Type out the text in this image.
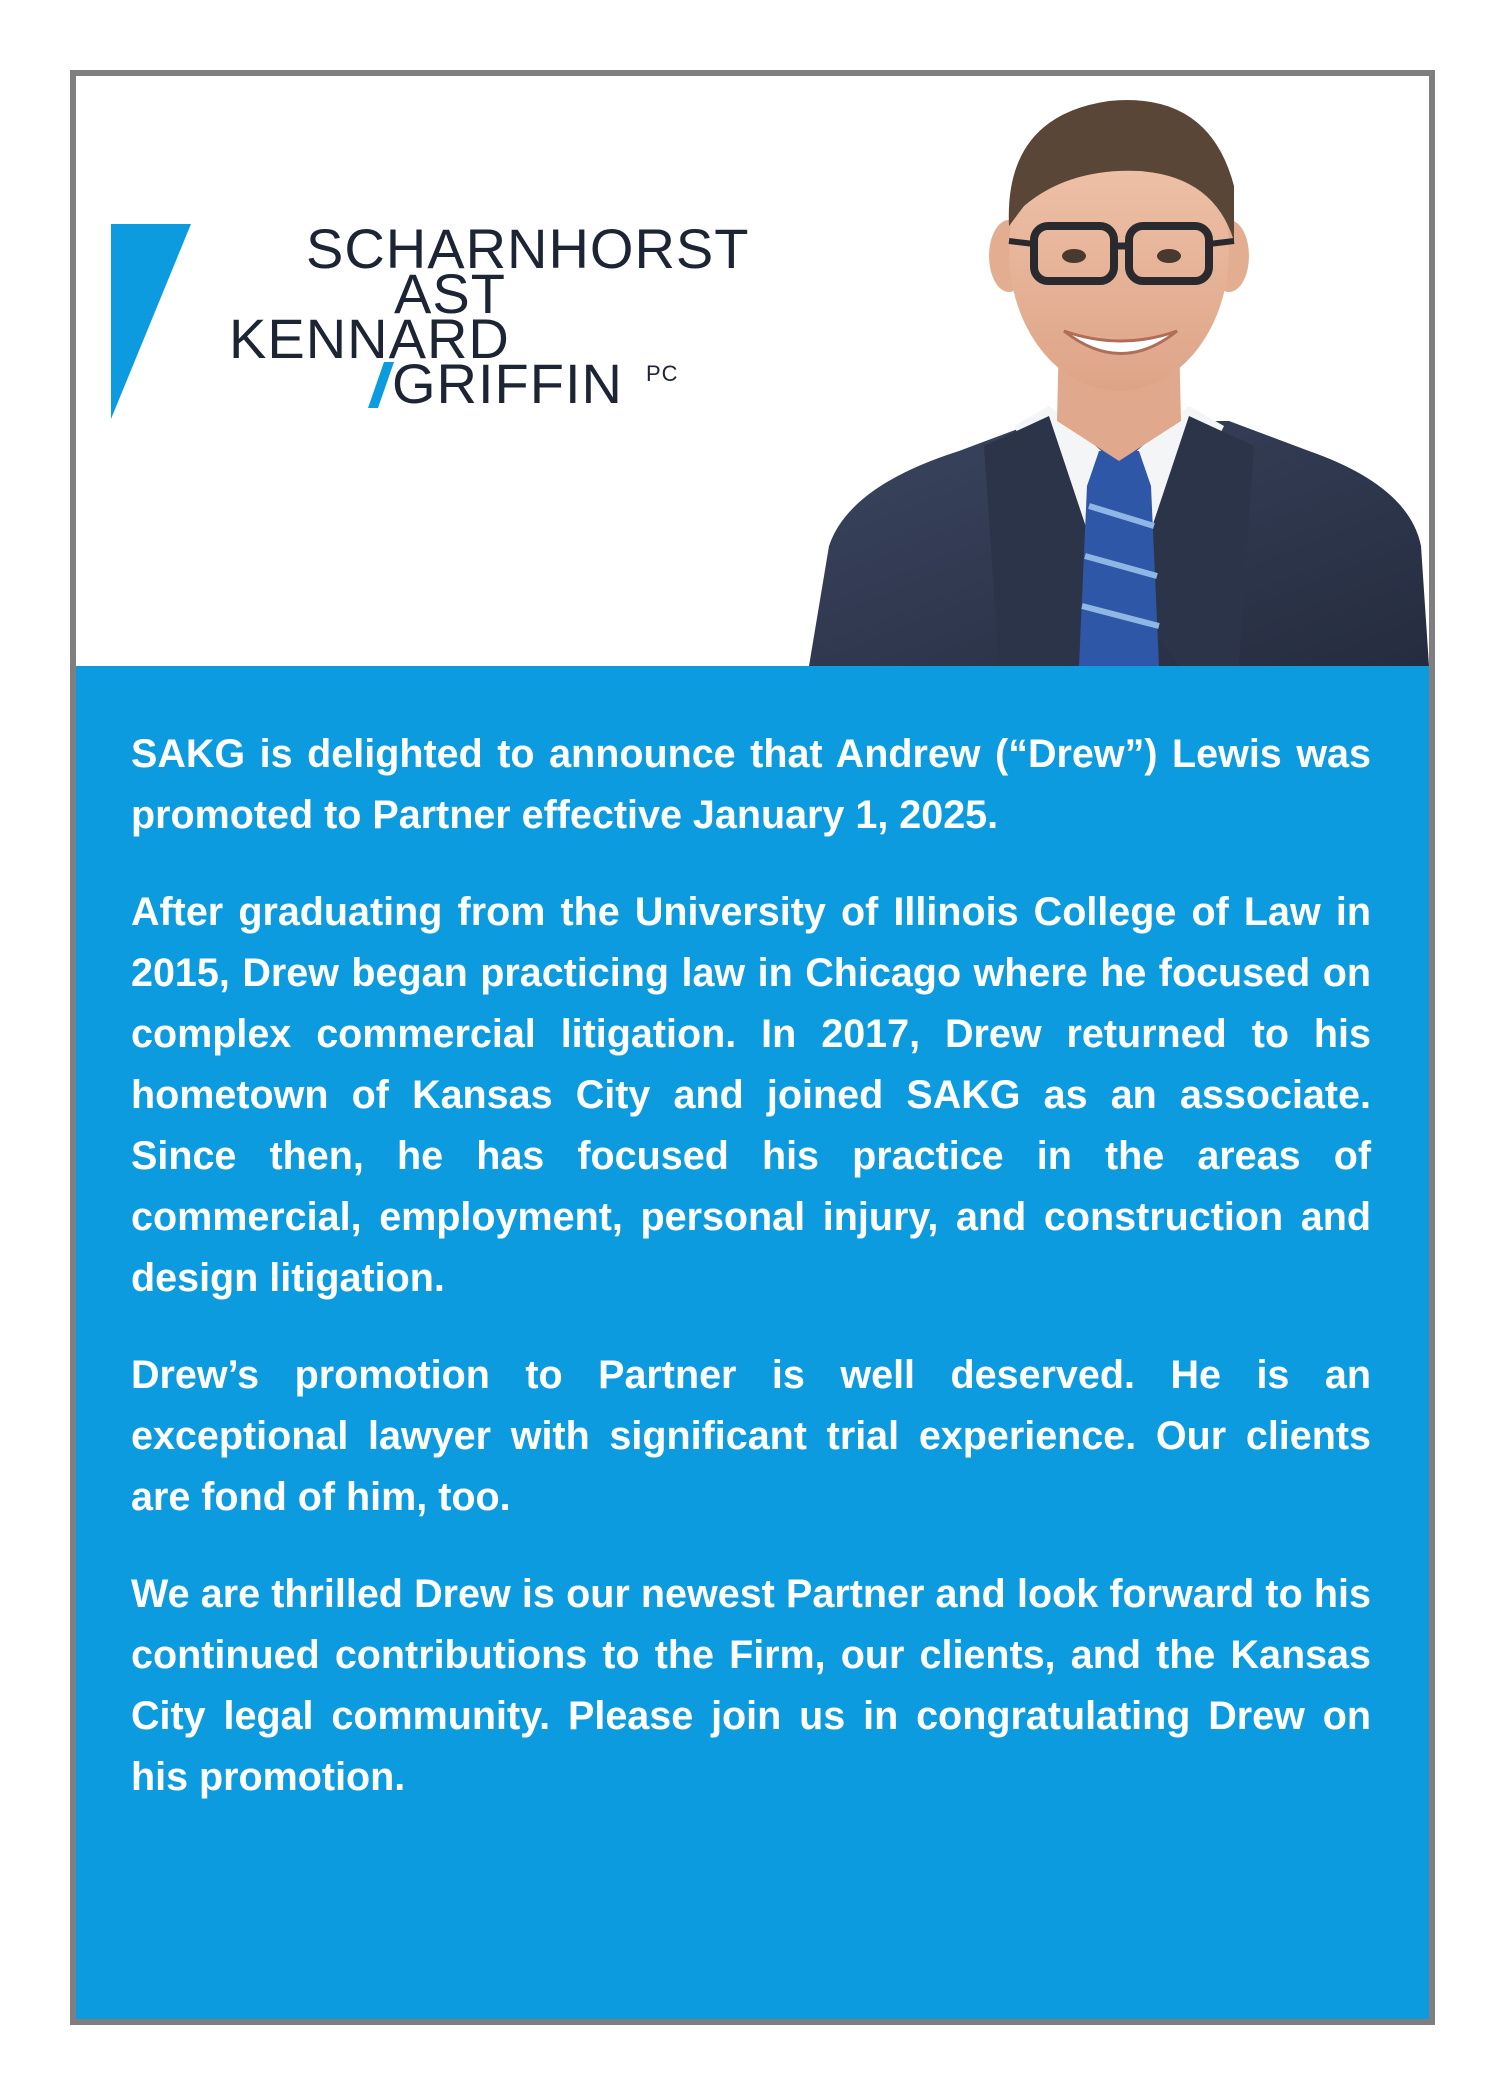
SCHARNHORST
AST
KENNARD
GRIFFIN PC

SAKG is delighted to announce that Andrew (“Drew”) Lewis was promoted to Partner effective January 1, 2025.

After graduating from the University of Illinois College of Law in 2015, Drew began practicing law in Chicago where he focused on complex commercial litigation. In 2017, Drew returned to his hometown of Kansas City and joined SAKG as an associate. Since then, he has focused his practice in the areas of commercial, employment, personal injury, and construction and design litigation.

Drew’s promotion to Partner is well deserved. He is an exceptional lawyer with significant trial experience. Our clients are fond of him, too.

We are thrilled Drew is our newest Partner and look forward to his continued contributions to the Firm, our clients, and the Kansas City legal community. Please join us in congratulating Drew on his promotion.
